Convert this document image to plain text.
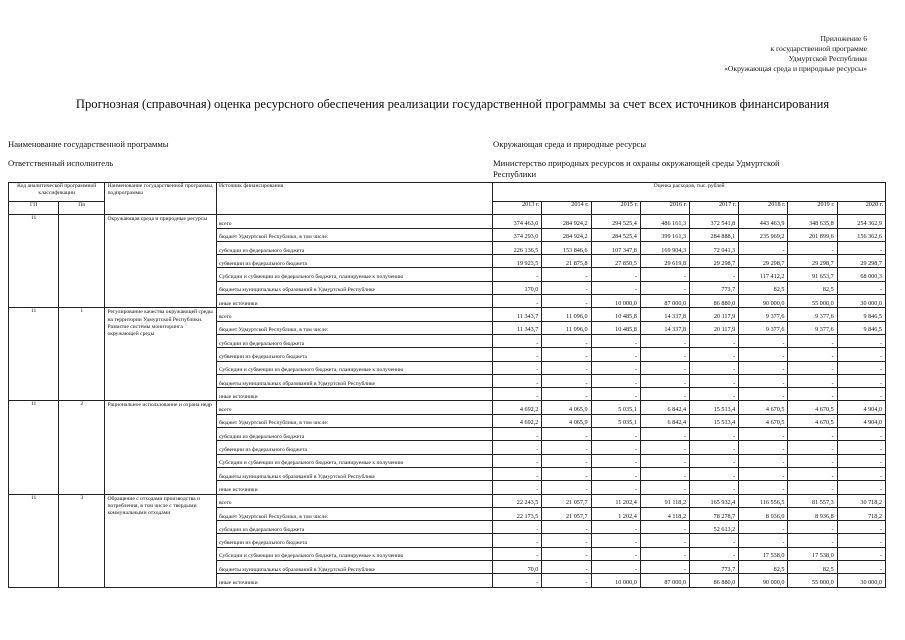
Приложение 6
к государственной программе
Удмуртской Республики
«Окружающая среда и природные ресурсы»
Прогнозная (справочная) оценка ресурсного обеспечения реализации государственной программы за счет всех источников финансирования
Наименование государственной программы	Окружающая среда и природные ресурсы
Ответственный исполнитель	Министерство природных ресурсов и охраны окружающей среды Удмуртской Республики
Код аналитической программной классификации		Наименование государственной программы, подпрограммы	Источник финансирования	Оценка расходов, тыс. рублей							
ГП	Пп										
				2013 г.	2014 г.	2015 г.	2016 г.	2017 г.	2018 г.	2019 г.	2020 г.
11		Окружающая среда и природные ресурсы	всего	374 463,0	284 924,2	294 525,4	486 161,3	372 541,8	443 463,9	348 635,8	254 362,9
			бюджет Удмуртской Республики, в том числе:	374 293,0	284 924,2	284 525,4	399 161,3	284 888,1	235 969,2	201 899,6	156 362,6
			субсидии из федерального бюджета	226 136,5	153 846,6	107 347,8	169 904,3	72 041,3	-	-	-
			субвенции из федерального бюджета	19 923,5	21 875,8	27 850,5	29 619,8	29 298,7	29 298,7	29 298,7	29 298,7
			Субсидии и субвенции из федерального бюджета, планируемые к получению	-	-	-	-	-	117 412,2	91 653,7	68 000,3
			бюджеты муниципальных образований в Удмуртской Республике	170,0	-	-	-	773,7	82,5	82,5	-
			иные источники	-	-	10 000,0	87 000,0	86 880,0	90 000,0	55 000,0	30 000,0
11	1	Регулирование качества окружающей среды на территории Удмуртской Республики. Развитие системы мониторинга окружающей среды	всего	11 343,7	11 096,0	10 485,8	14 337,8	20 117,9	9 377,6	9 377,6	9 846,5
			бюджет Удмуртской Республики, в том числе:	11 343,7	11 096,0	10 485,8	14 337,8	20 117,9	9 377,6	9 377,6	9 846,5
			субсидии из федерального бюджета	-	-	-	-	-	-	-	-
			субвенции из федерального бюджета	-	-	-	-	-	-	-	-
			Субсидии и субвенции из федерального бюджета, планируемые к получению	-	-	-	-	-	-	-	-
			бюджеты муниципальных образований в Удмуртской Республике	-	-	-	-	-	-	-	-
			иные источники	-	-	-	-	-	-	-	-
11	2	Рациональное использование и охрана недр	всего	4 692,2	4 065,9	5 035,1	6 842,4	15 513,4	4 670,5	4 670,5	4 904,0
			бюджет Удмуртской Республики, в том числе:	4 692,2	4 065,9	5 035,1	6 842,4	15 513,4	4 670,5	4 670,5	4 904,0
			субсидии из федерального бюджета	-	-	-	-	-	-	-	-
			субвенции из федерального бюджета	-	-	-	-	-	-	-	-
			Субсидии и субвенции из федерального бюджета, планируемые к получению	-	-	-	-	-	-	-	-
			бюджеты муниципальных образований в Удмуртской Республике	-	-	-	-	-	-	-	-
			иные источники	-	-	-	-	-	-	-	-
11	3	Обращение с отходами производства и потребления, в том числе с твердыми коммунальными отходами	всего	22 243,5	21 057,7	11 202,4	91 118,2	165 932,4	116 556,5	81 557,3	30 718,2
			бюджет Удмуртской Республики, в том числе:	22 173,5	21 057,7	1 202,4	4 118,2	78 278,7	8 936,0	8 936,8	718,2
			субсидии из федерального бюджета	-	-	-	-	52 613,2	-	-	-
			субвенции из федерального бюджета	-	-	-	-	-	-	-	-
			Субсидии и субвенции из федерального бюджета, планируемые к получению	-	-	-	-	-	17 538,0	17 538,0	-
			бюджеты муниципальных образований в Удмуртской Республике	70,0	-	-	-	773,7	82,5	82,5	-
			иные источники	-	-	10 000,0	87 000,0	86 880,0	90 000,0	55 000,0	30 000,0
